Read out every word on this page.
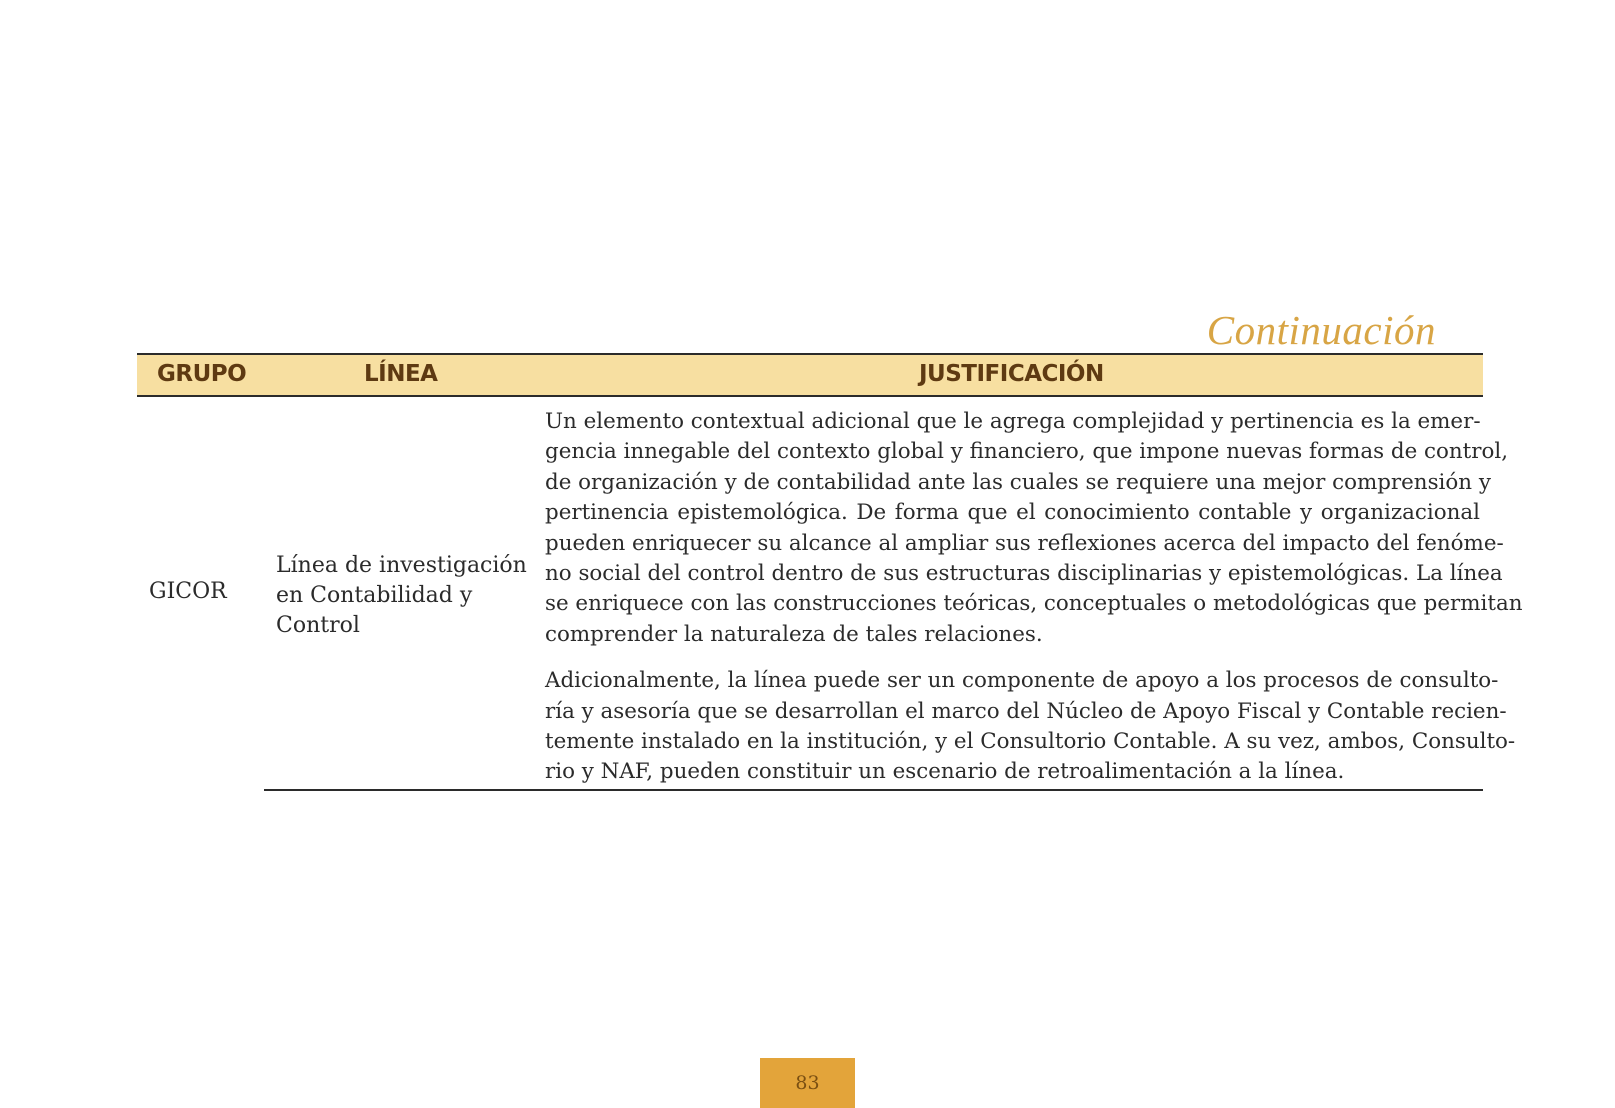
Continuación
GRUPO	LÍNEA	JUSTIFICACIÓN
GICOR
Línea de investigación
en Contabilidad y
Control
Un elemento contextual adicional que le agrega complejidad y pertinencia es la emer-
gencia innegable del contexto global y financiero, que impone nuevas formas de control,
de organización y de contabilidad ante las cuales se requiere una mejor comprensión y
pertinencia epistemológica. De forma que el conocimiento contable y organizacional
pueden enriquecer su alcance al ampliar sus reflexiones acerca del impacto del fenóme-
no social del control dentro de sus estructuras disciplinarias y epistemológicas. La línea
se enriquece con las construcciones teóricas, conceptuales o metodológicas que permitan
comprender la naturaleza de tales relaciones.
Adicionalmente, la línea puede ser un componente de apoyo a los procesos de consulto-
ría y asesoría que se desarrollan el marco del Núcleo de Apoyo Fiscal y Contable recien-
temente instalado en la institución, y el Consultorio Contable. A su vez, ambos, Consulto-
rio y NAF, pueden constituir un escenario de retroalimentación a la línea.
83
